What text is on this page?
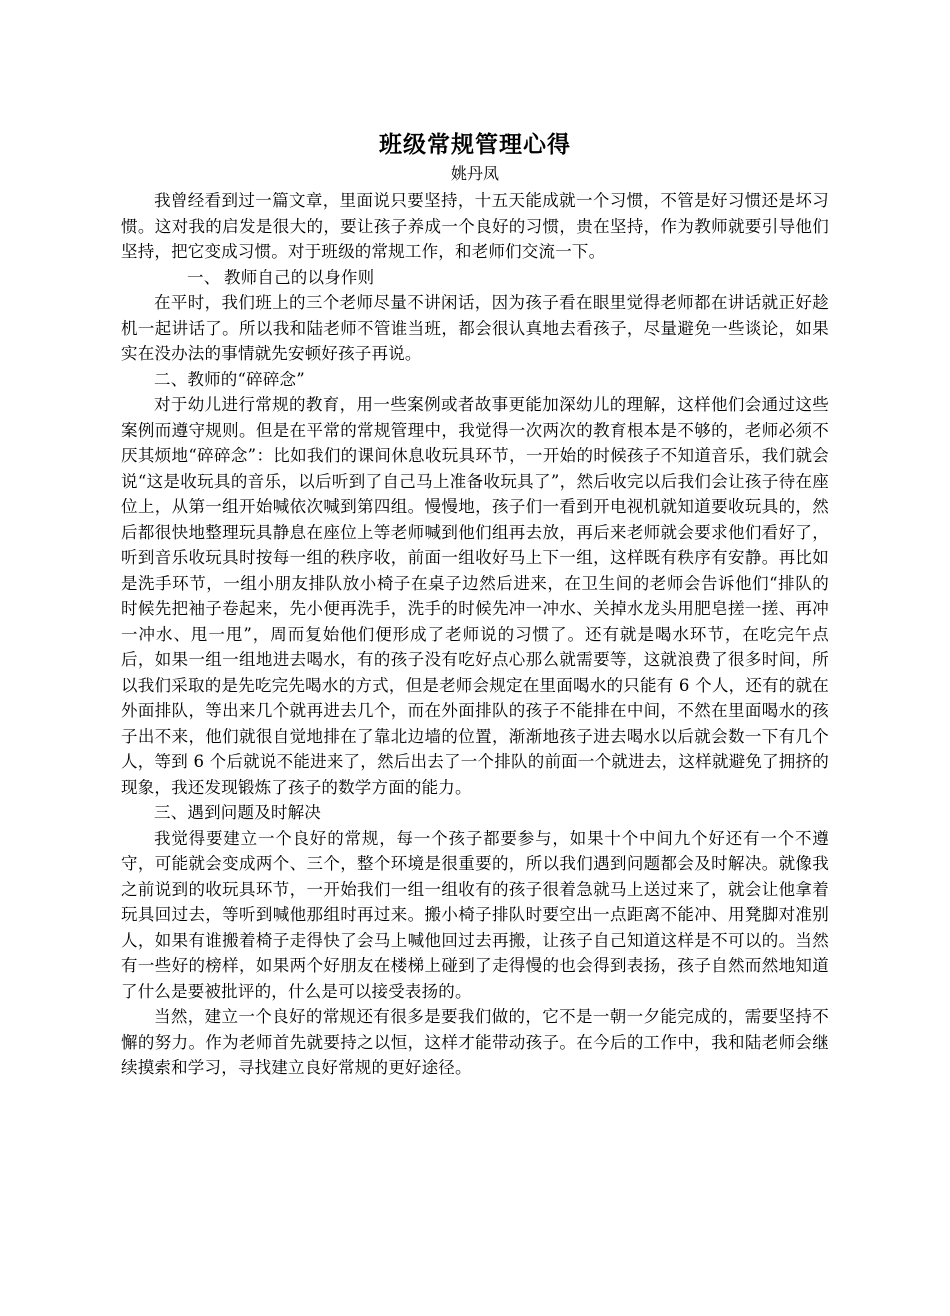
班级常规管理心得

姚丹凤

我曾经看到过一篇文章，里面说只要坚持，十五天能成就一个习惯，不管是好习惯还是坏习惯。这对我的启发是很大的，要让孩子养成一个良好的习惯，贵在坚持，作为教师就要引导他们坚持，把它变成习惯。对于班级的常规工作，和老师们交流一下。

一、 教师自己的以身作则

在平时，我们班上的三个老师尽量不讲闲话，因为孩子看在眼里觉得老师都在讲话就正好趁机一起讲话了。所以我和陆老师不管谁当班，都会很认真地去看孩子，尽量避免一些谈论，如果实在没办法的事情就先安顿好孩子再说。

二、教师的“碎碎念”

对于幼儿进行常规的教育，用一些案例或者故事更能加深幼儿的理解，这样他们会通过这些案例而遵守规则。但是在平常的常规管理中，我觉得一次两次的教育根本是不够的，老师必须不厌其烦地“碎碎念”：比如我们的课间休息收玩具环节，一开始的时候孩子不知道音乐，我们就会说“这是收玩具的音乐，以后听到了自己马上准备收玩具了”，然后收完以后我们会让孩子待在座位上，从第一组开始喊依次喊到第四组。慢慢地，孩子们一看到开电视机就知道要收玩具的，然后都很快地整理玩具静息在座位上等老师喊到他们组再去放，再后来老师就会要求他们看好了，听到音乐收玩具时按每一组的秩序收，前面一组收好马上下一组，这样既有秩序有安静。再比如是洗手环节，一组小朋友排队放小椅子在桌子边然后进来，在卫生间的老师会告诉他们“排队的时候先把袖子卷起来，先小便再洗手，洗手的时候先冲一冲水、关掉水龙头用肥皂搓一搓、再冲一冲水、甩一甩”，周而复始他们便形成了老师说的习惯了。还有就是喝水环节，在吃完午点后，如果一组一组地进去喝水，有的孩子没有吃好点心那么就需要等，这就浪费了很多时间，所以我们采取的是先吃完先喝水的方式，但是老师会规定在里面喝水的只能有 6 个人，还有的就在外面排队，等出来几个就再进去几个，而在外面排队的孩子不能排在中间，不然在里面喝水的孩子出不来，他们就很自觉地排在了靠北边墙的位置，渐渐地孩子进去喝水以后就会数一下有几个人，等到 6 个后就说不能进来了，然后出去了一个排队的前面一个就进去，这样就避免了拥挤的现象，我还发现锻炼了孩子的数学方面的能力。

三、遇到问题及时解决

我觉得要建立一个良好的常规，每一个孩子都要参与，如果十个中间九个好还有一个不遵守，可能就会变成两个、三个，整个环境是很重要的，所以我们遇到问题都会及时解决。就像我之前说到的收玩具环节，一开始我们一组一组收有的孩子很着急就马上送过来了，就会让他拿着玩具回过去，等听到喊他那组时再过来。搬小椅子排队时要空出一点距离不能冲、用凳脚对准别人，如果有谁搬着椅子走得快了会马上喊他回过去再搬，让孩子自己知道这样是不可以的。当然有一些好的榜样，如果两个好朋友在楼梯上碰到了走得慢的也会得到表扬，孩子自然而然地知道了什么是要被批评的，什么是可以接受表扬的。

当然，建立一个良好的常规还有很多是要我们做的，它不是一朝一夕能完成的，需要坚持不懈的努力。作为老师首先就要持之以恒，这样才能带动孩子。在今后的工作中，我和陆老师会继续摸索和学习，寻找建立良好常规的更好途径。
